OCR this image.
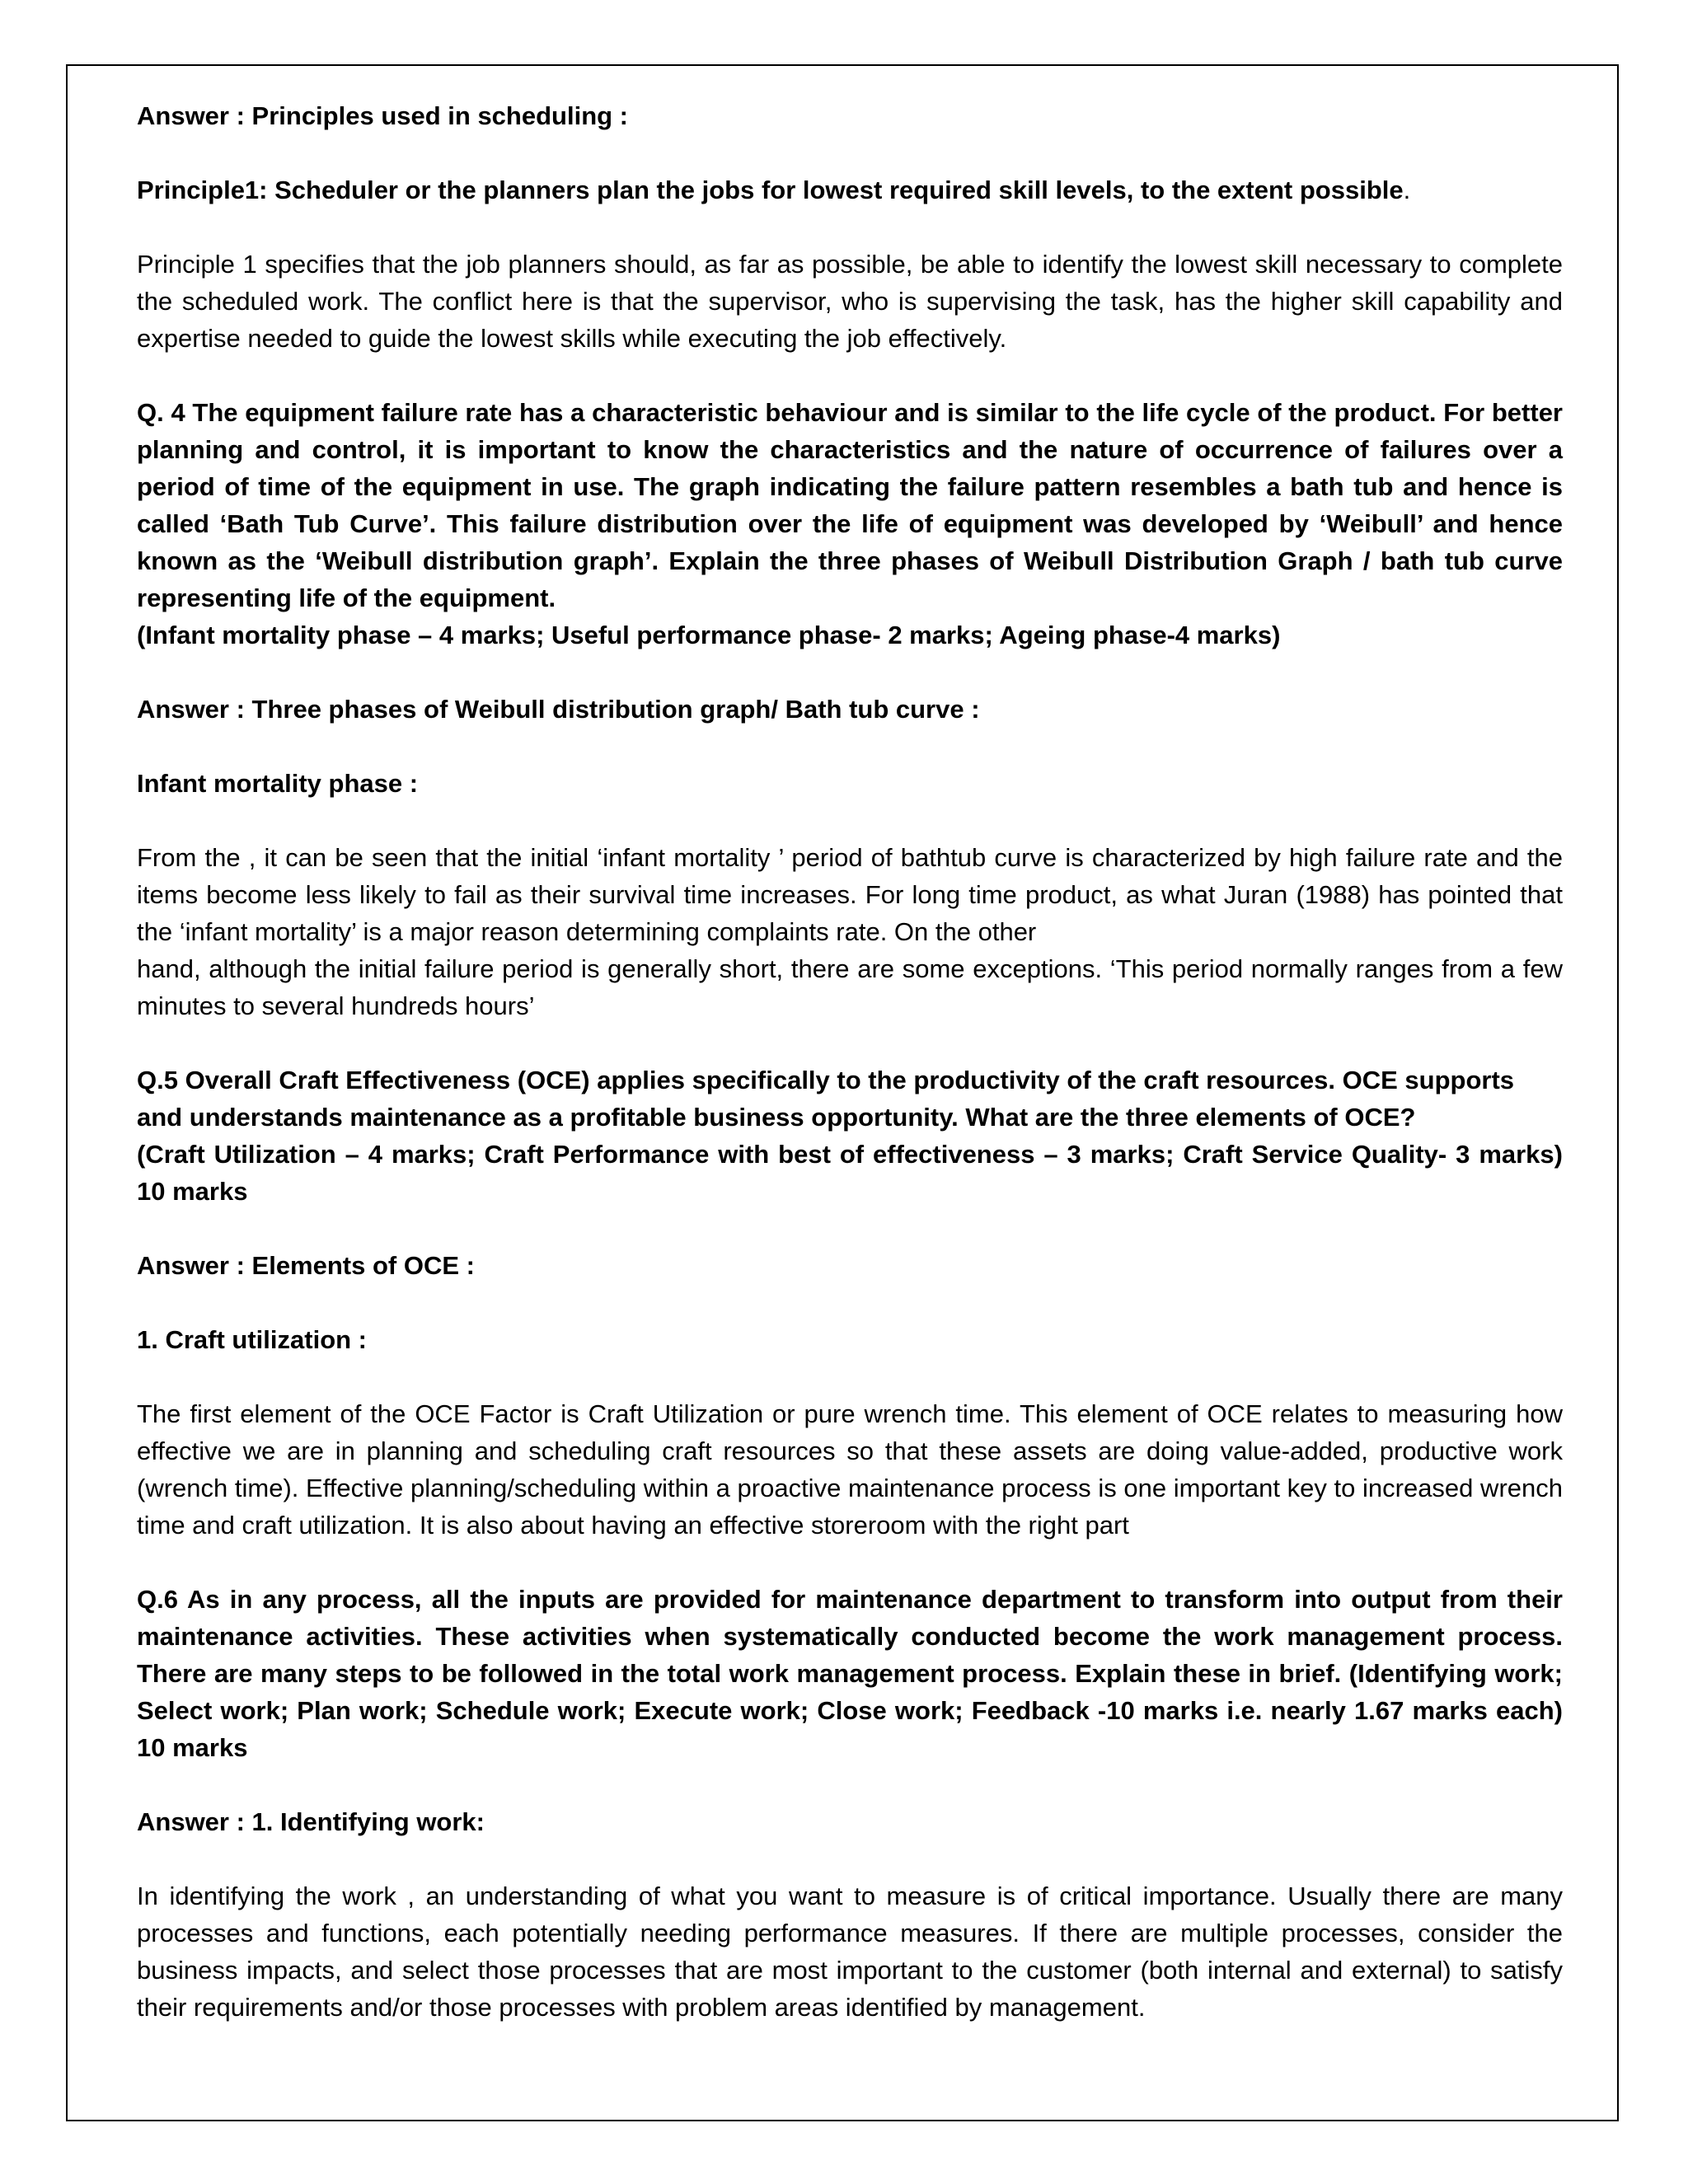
Answer : Principles used in scheduling :

Principle1: Scheduler or the planners plan the jobs for lowest required skill levels, to the extent possible.

Principle 1 specifies that the job planners should, as far as possible, be able to identify the lowest skill necessary to complete the scheduled work. The conflict here is that the supervisor, who is supervising the task, has the higher skill capability and expertise needed to guide the lowest skills while executing the job effectively.

Q. 4 The equipment failure rate has a characteristic behaviour and is similar to the life cycle of the product. For better planning and control, it is important to know the characteristics and the nature of occurrence of failures over a period of time of the equipment in use. The graph indicating the failure pattern resembles a bath tub and hence is called ‘Bath Tub Curve’. This failure distribution over the life of equipment was developed by ‘Weibull’ and hence known as the ‘Weibull distribution graph’. Explain the three phases of Weibull Distribution Graph / bath tub curve representing life of the equipment.

(Infant mortality phase – 4 marks; Useful performance phase- 2 marks; Ageing phase-4 marks)

Answer : Three phases of Weibull distribution graph/ Bath tub curve :

Infant mortality phase :

From the , it can be seen that the initial ‘infant mortality ’ period of bathtub curve is characterized by high failure rate and the items become less likely to fail as their survival time increases. For long time product, as what Juran (1988) has pointed that the ‘infant mortality’ is a major reason determining complaints rate. On the other

hand, although the initial failure period is generally short, there are some exceptions. ‘This period normally ranges from a few minutes to several hundreds hours’

Q.5 Overall Craft Effectiveness (OCE) applies specifically to the productivity of the craft resources. OCE supports and understands maintenance as a profitable business opportunity. What are the three elements of OCE?

(Craft Utilization – 4 marks; Craft Performance with best of effectiveness – 3 marks; Craft Service Quality- 3 marks) 10 marks

Answer : Elements of OCE :

1. Craft utilization :

The first element of the OCE Factor is Craft Utilization or pure wrench time. This element of OCE relates to measuring how effective we are in planning and scheduling craft resources so that these assets are doing value-added, productive work (wrench time). Effective planning/scheduling within a proactive maintenance process is one important key to increased wrench time and craft utilization. It is also about having an effective storeroom with the right part

Q.6 As in any process, all the inputs are provided for maintenance department to transform into output from their maintenance activities. These activities when systematically conducted become the work management process. There are many steps to be followed in the total work management process. Explain these in brief. (Identifying work; Select work; Plan work; Schedule work; Execute work; Close work; Feedback -10 marks i.e. nearly 1.67 marks each) 10 marks

Answer : 1. Identifying work:

In identifying the work , an understanding of what you want to measure is of critical importance. Usually there are many processes and functions, each potentially needing performance measures. If there are multiple processes, consider the business impacts, and select those processes that are most important to the customer (both internal and external) to satisfy their requirements and/or those processes with problem areas identified by management.
